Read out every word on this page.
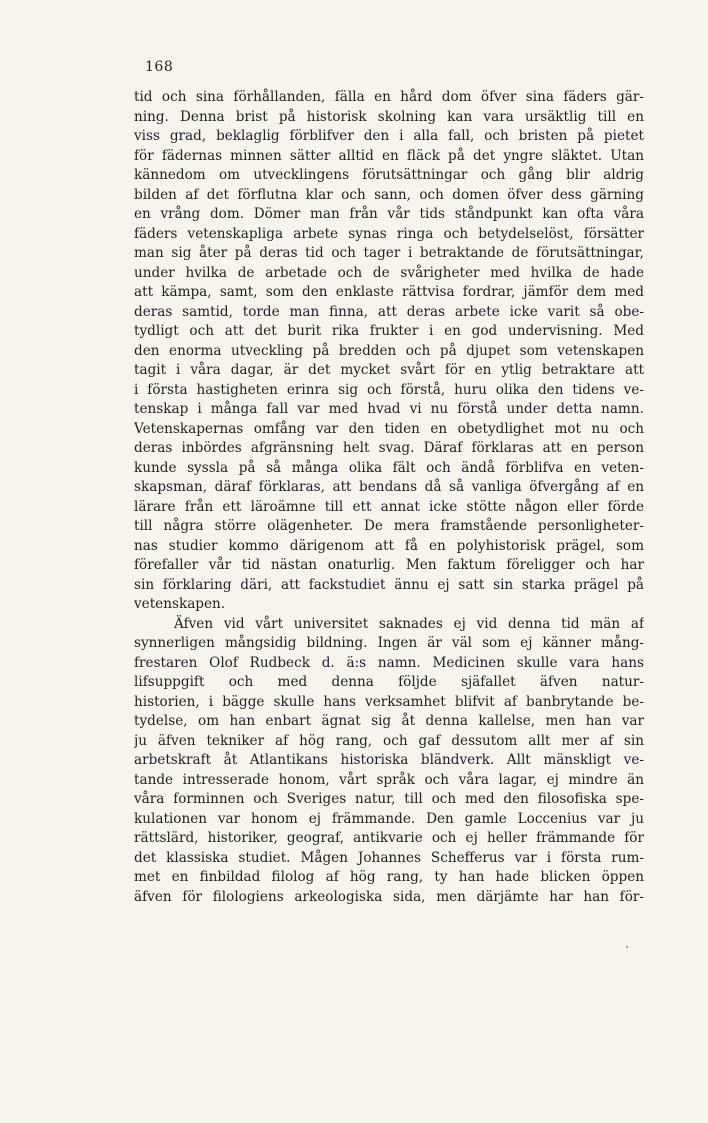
168
tid och sina förhållanden, fälla en hård dom öfver sina fäders gär-
ning. Denna brist på historisk skolning kan vara ursäktlig till en
viss grad, beklaglig förblifver den i alla fall, och bristen på pietet
för fädernas minnen sätter alltid en fläck på det yngre släktet. Utan
kännedom om utvecklingens förutsättningar och gång blir aldrig
bilden af det förflutna klar och sann, och domen öfver dess gärning
en vrång dom. Dömer man från vår tids ståndpunkt kan ofta våra
fäders vetenskapliga arbete synas ringa och betydelselöst, försätter
man sig åter på deras tid och tager i betraktande de förutsättningar,
under hvilka de arbetade och de svårigheter med hvilka de hade
att kämpa, samt, som den enklaste rättvisa fordrar, jämför dem med
deras samtid, torde man finna, att deras arbete icke varit så obe-
tydligt och att det burit rika frukter i en god undervisning. Med
den enorma utveckling på bredden och på djupet som vetenskapen
tagit i våra dagar, är det mycket svårt för en ytlig betraktare att
i första hastigheten erinra sig och förstå, huru olika den tidens ve-
tenskap i många fall var med hvad vi nu förstå under detta namn.
Vetenskapernas omfång var den tiden en obetydlighet mot nu och
deras inbördes afgränsning helt svag. Däraf förklaras att en person
kunde syssla på så många olika fält och ändå förblifva en veten-
skapsman, däraf förklaras, att bendans då så vanliga öfvergång af en
lärare från ett läroämne till ett annat icke stötte någon eller förde
till några större olägenheter. De mera framstående personligheter-
nas studier kommo därigenom att få en polyhistorisk prägel, som
förefaller vår tid nästan onaturlig. Men faktum föreligger och har
sin förklaring däri, att fackstudiet ännu ej satt sin starka prägel på
vetenskapen.
Äfven vid vårt universitet saknades ej vid denna tid män af
synnerligen mångsidig bildning. Ingen är väl som ej känner mång-
frestaren Olof Rudbeck d. ä:s namn. Medicinen skulle vara hans
lifsuppgift och med denna följde sjäfallet äfven natur-
historien, i bägge skulle hans verksamhet blifvit af banbrytande be-
tydelse, om han enbart ägnat sig åt denna kallelse, men han var
ju äfven tekniker af hög rang, och gaf dessutom allt mer af sin
arbetskraft åt Atlantikans historiska bländverk. Allt mänskligt ve-
tande intresserade honom, vårt språk och våra lagar, ej mindre än
våra forminnen och Sveriges natur, till och med den filosofiska spe-
kulationen var honom ej främmande. Den gamle Loccenius var ju
rättslärd, historiker, geograf, antikvarie och ej heller främmande för
det klassiska studiet. Mågen Johannes Schefferus var i första rum-
met en finbildad filolog af hög rang, ty han hade blicken öppen
äfven för filologiens arkeologiska sida, men därjämte har han för-
